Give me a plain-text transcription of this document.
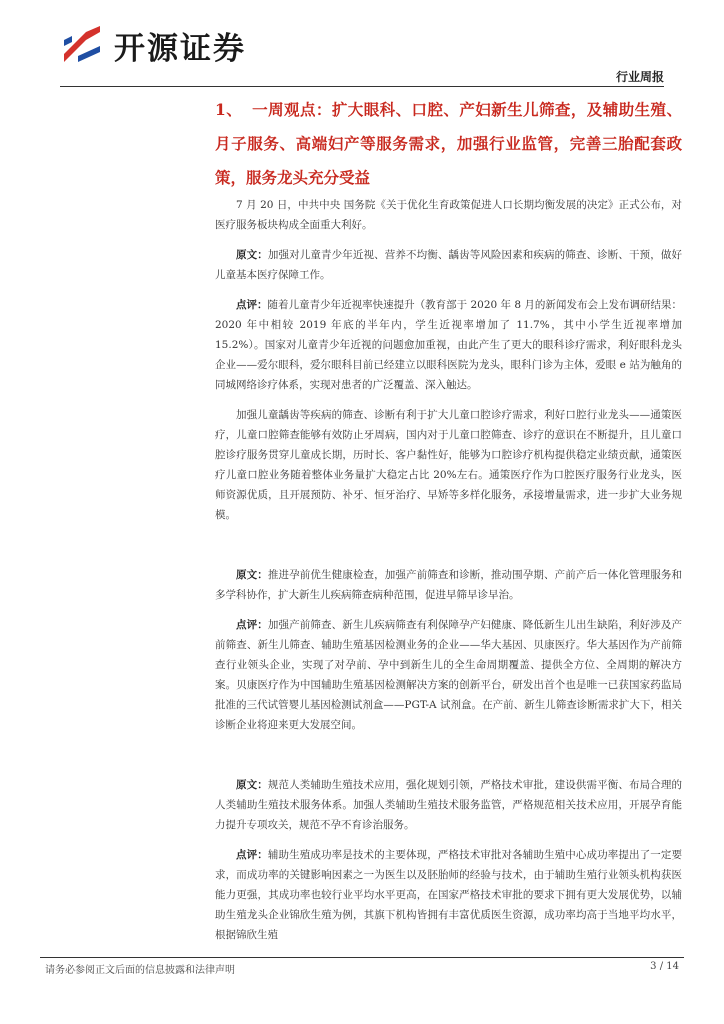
开源证券
行业周报
1、 一周观点：扩大眼科、口腔、产妇新生儿筛查，及辅助生殖、月子服务、高端妇产等服务需求，加强行业监管，完善三胎配套政策，服务龙头充分受益

7 月 20 日，中共中央 国务院《关于优化生育政策促进人口长期均衡发展的决定》正式公布，对医疗服务板块构成全面重大利好。

原文：加强对儿童青少年近视、营养不均衡、龋齿等风险因素和疾病的筛查、诊断、干预，做好儿童基本医疗保障工作。

点评：随着儿童青少年近视率快速提升（教育部于 2020 年 8 月的新闻发布会上发布调研结果：2020 年中相较 2019 年底的半年内，学生近视率增加了 11.7%，其中小学生近视率增加 15.2%）。国家对儿童青少年近视的问题愈加重视，由此产生了更大的眼科诊疗需求，利好眼科龙头企业——爱尔眼科，爱尔眼科目前已经建立以眼科医院为龙头，眼科门诊为主体，爱眼 e 站为触角的同城网络诊疗体系，实现对患者的广泛覆盖、深入触达。

加强儿童龋齿等疾病的筛查、诊断有利于扩大儿童口腔诊疗需求，利好口腔行业龙头——通策医疗，儿童口腔筛查能够有效防止牙周病，国内对于儿童口腔筛查、诊疗的意识在不断提升，且儿童口腔诊疗服务贯穿儿童成长期，历时长、客户黏性好，能够为口腔诊疗机构提供稳定业绩贡献，通策医疗儿童口腔业务随着整体业务量扩大稳定占比 20%左右。通策医疗作为口腔医疗服务行业龙头，医师资源优质，且开展预防、补牙、恒牙治疗、早矫等多样化服务，承接增量需求，进一步扩大业务规模。

原文：推进孕前优生健康检查，加强产前筛查和诊断，推动围孕期、产前产后一体化管理服务和多学科协作，扩大新生儿疾病筛查病种范围，促进早筛早诊早治。

点评：加强产前筛查、新生儿疾病筛查有利保障孕产妇健康、降低新生儿出生缺陷，利好涉及产前筛查、新生儿筛查、辅助生殖基因检测业务的企业——华大基因、贝康医疗。华大基因作为产前筛查行业领头企业，实现了对孕前、孕中到新生儿的全生命周期覆盖、提供全方位、全周期的解决方案。贝康医疗作为中国辅助生殖基因检测解决方案的创新平台，研发出首个也是唯一已获国家药监局批准的三代试管婴儿基因检测试剂盒——PGT-A 试剂盒。在产前、新生儿筛查诊断需求扩大下，相关诊断企业将迎来更大发展空间。

原文：规范人类辅助生殖技术应用，强化规划引领，严格技术审批，建设供需平衡、布局合理的人类辅助生殖技术服务体系。加强人类辅助生殖技术服务监管，严格规范相关技术应用，开展孕育能力提升专项攻关，规范不孕不育诊治服务。

点评：辅助生殖成功率是技术的主要体现，严格技术审批对各辅助生殖中心成功率提出了一定要求，而成功率的关键影响因素之一为医生以及胚胎师的经验与技术，由于辅助生殖行业领头机构获医能力更强，其成功率也较行业平均水平更高，在国家严格技术审批的要求下拥有更大发展优势，以辅助生殖龙头企业锦欣生殖为例，其旗下机构皆拥有丰富优质医生资源，成功率均高于当地平均水平，根据锦欣生殖

请务必参阅正文后面的信息披露和法律声明	3 / 14
